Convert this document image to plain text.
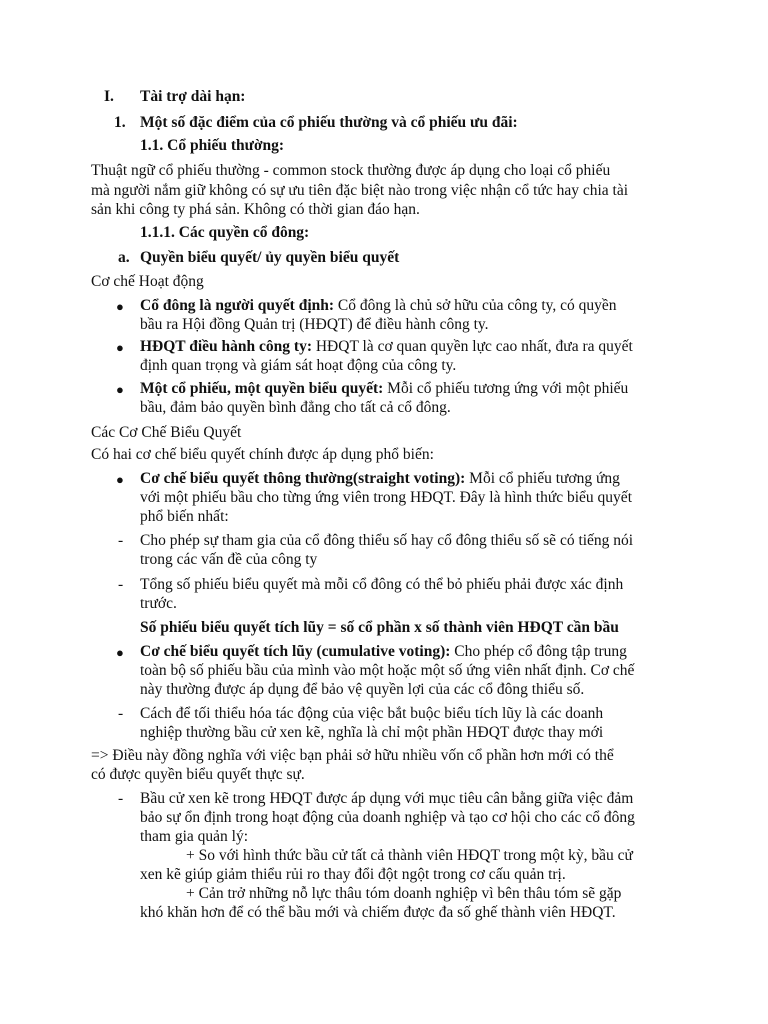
I. Tài trợ dài hạn:
1. Một số đặc điểm của cổ phiếu thường và cổ phiếu ưu đãi:
1.1. Cổ phiếu thường:
Thuật ngữ cổ phiếu thường - common stock thường được áp dụng cho loại cổ phiếu
mà người nắm giữ không có sự ưu tiên đặc biệt nào trong việc nhận cổ tức hay chia tài
sản khi công ty phá sản. Không có thời gian đáo hạn.
1.1.1. Các quyền cổ đông:
a. Quyền biểu quyết/ ủy quyền biểu quyết
Cơ chế Hoạt động
● Cổ đông là người quyết định: Cổ đông là chủ sở hữu của công ty, có quyền
bầu ra Hội đồng Quản trị (HĐQT) để điều hành công ty.
● HĐQT điều hành công ty: HĐQT là cơ quan quyền lực cao nhất, đưa ra quyết
định quan trọng và giám sát hoạt động của công ty.
● Một cổ phiếu, một quyền biểu quyết: Mỗi cổ phiếu tương ứng với một phiếu
bầu, đảm bảo quyền bình đẳng cho tất cả cổ đông.
Các Cơ Chế Biểu Quyết
Có hai cơ chế biểu quyết chính được áp dụng phổ biến:
● Cơ chế biểu quyết thông thường(straight voting): Mỗi cổ phiếu tương ứng
với một phiếu bầu cho từng ứng viên trong HĐQT. Đây là hình thức biểu quyết
phổ biến nhất:
- Cho phép sự tham gia của cổ đông thiểu số hay cổ đông thiểu số sẽ có tiếng nói
trong các vấn đề của công ty
- Tổng số phiếu biểu quyết mà mỗi cổ đông có thể bỏ phiếu phải được xác định
trước.
Số phiếu biểu quyết tích lũy = số cổ phần x số thành viên HĐQT cần bầu
● Cơ chế biểu quyết tích lũy (cumulative voting): Cho phép cổ đông tập trung
toàn bộ số phiếu bầu của mình vào một hoặc một số ứng viên nhất định. Cơ chế
này thường được áp dụng để bảo vệ quyền lợi của các cổ đông thiểu số.
- Cách để tối thiểu hóa tác động của việc bắt buộc biểu tích lũy là các doanh
nghiệp thường bầu cử xen kẽ, nghĩa là chỉ một phần HĐQT được thay mới
=> Điều này đồng nghĩa với việc bạn phải sở hữu nhiều vốn cổ phần hơn mới có thể
có được quyền biểu quyết thực sự.
- Bầu cử xen kẽ trong HĐQT được áp dụng với mục tiêu cân bằng giữa việc đảm
bảo sự ổn định trong hoạt động của doanh nghiệp và tạo cơ hội cho các cổ đông
tham gia quản lý:
+ So với hình thức bầu cử tất cả thành viên HĐQT trong một kỳ, bầu cử
xen kẽ giúp giảm thiểu rủi ro thay đổi đột ngột trong cơ cấu quản trị.
+ Cản trở những nỗ lực thâu tóm doanh nghiệp vì bên thâu tóm sẽ gặp
khó khăn hơn để có thể bầu mới và chiếm được đa số ghế thành viên HĐQT.
